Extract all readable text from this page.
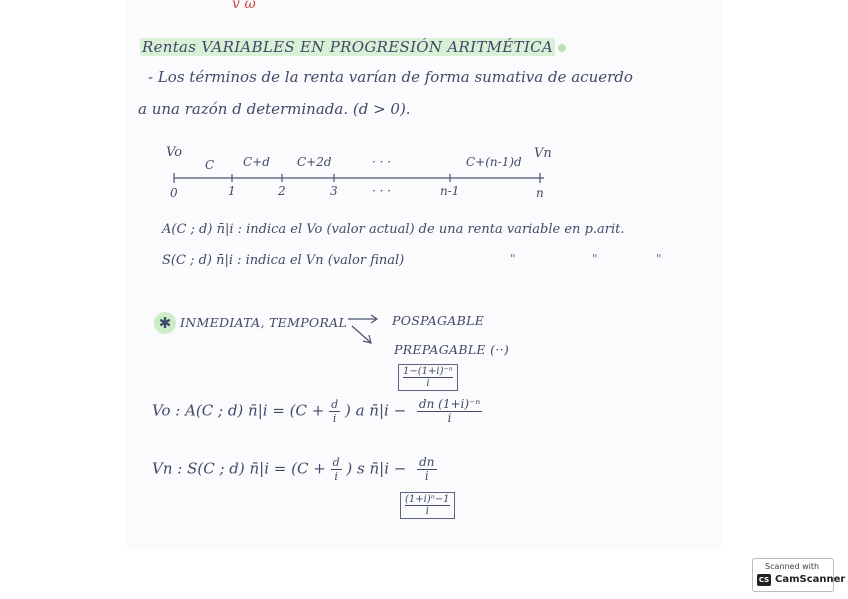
v ω
Rentas VARIABLES EN PROGRESIÓN ARITMÉTICA
- Los términos de la renta varían de forma sumativa de acuerdo
a una razón d determinada. (d > 0).
Vo	Vn
C C+d C+2d	· · ·	C+(n-1)d
0	1	2	3	· · ·	n-1	n
A(C ; d) n̄|i : indica el Vo (valor actual) de una renta variable en p.arit.
S(C ; d) n̄|i : indica el Vn (valor final)	"	"	"
✱ INMEDIATA, TEMPORAL	POSPAGABLE
PREPAGABLE (··)
$\frac{\text{1−(1+i)⁻ⁿ}}{i}$
Vo : A(C ; d) n̄|i = ($C + \frac{d}{i}$ ) a n̄|i − $\frac{\text{dn (1+i)⁻ⁿ}}{i}$
Vn : S(C ; d) n̄|i = ($C + \frac{d}{i}$ ) s n̄|i − $\frac{dn}{i}$
$\frac{\text{(1+i)ⁿ−1}}{i}$
Scanned with
CS CamScanner
